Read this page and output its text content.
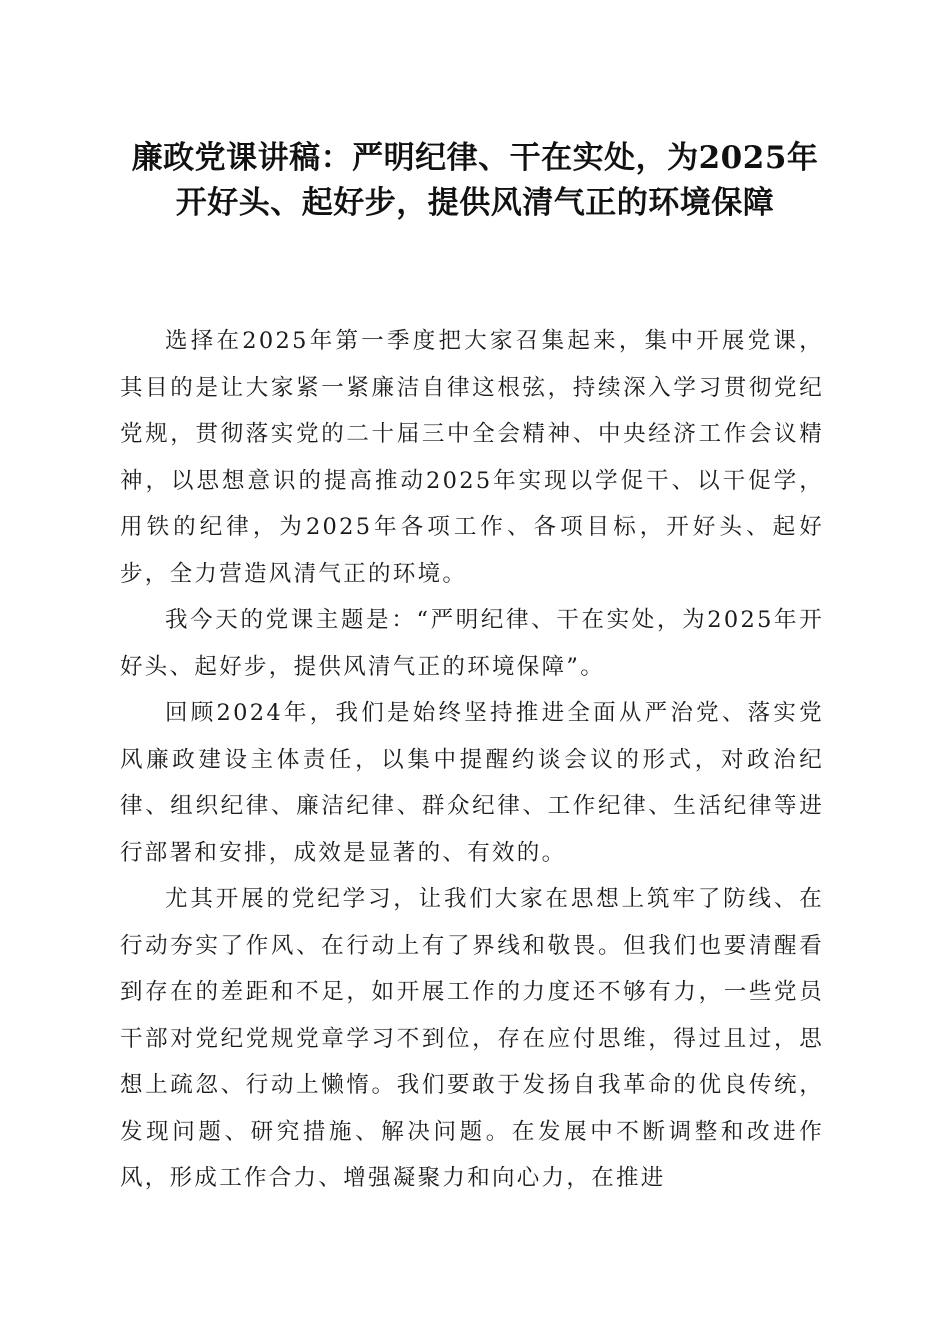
廉政党课讲稿：严明纪律、干在实处，为2025年开好头、起好步，提供风清气正的环境保障

选择在2025年第一季度把大家召集起来，集中开展党课，其目的是让大家紧一紧廉洁自律这根弦，持续深入学习贯彻党纪党规，贯彻落实党的二十届三中全会精神、中央经济工作会议精神，以思想意识的提高推动2025年实现以学促干、以干促学，用铁的纪律，为2025年各项工作、各项目标，开好头、起好步，全力营造风清气正的环境。

我今天的党课主题是：“严明纪律、干在实处，为2025年开好头、起好步，提供风清气正的环境保障”。

回顾2024年，我们是始终坚持推进全面从严治党、落实党风廉政建设主体责任，以集中提醒约谈会议的形式，对政治纪律、组织纪律、廉洁纪律、群众纪律、工作纪律、生活纪律等进行部署和安排，成效是显著的、有效的。

尤其开展的党纪学习，让我们大家在思想上筑牢了防线、在行动夯实了作风、在行动上有了界线和敬畏。但我们也要清醒看到存在的差距和不足，如开展工作的力度还不够有力，一些党员干部对党纪党规党章学习不到位，存在应付思维，得过且过，思想上疏忽、行动上懒惰。我们要敢于发扬自我革命的优良传统，发现问题、研究措施、解决问题。在发展中不断调整和改进作风，形成工作合力、增强凝聚力和向心力，在推进
